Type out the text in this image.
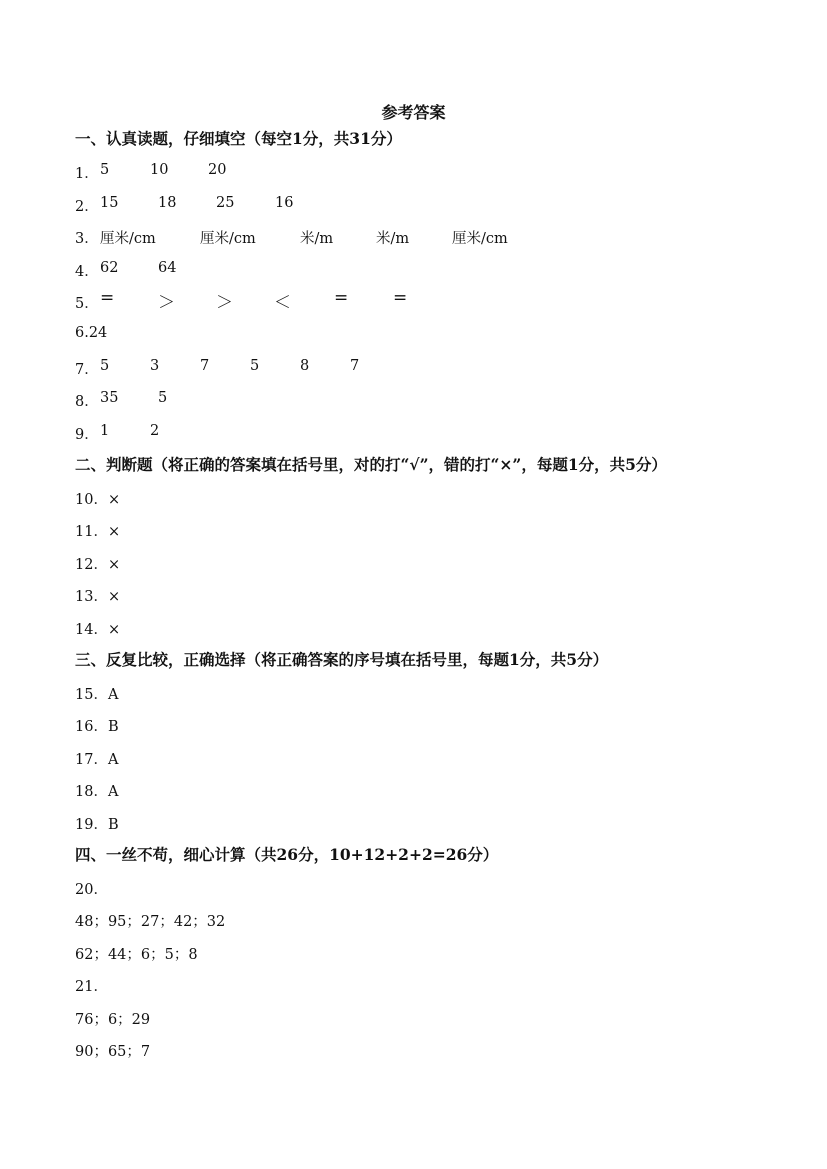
参考答案
一、认真读题，仔细填空（每空1分，共31分）
1． 5	10	20
2． 15	18	25	16
3． 厘米/cm	厘米/cm	米/m	米/m	厘米/cm
4． 62	64
5． =	＞ ＞ ＜	=	=
6.24
7． 5	3	7	5	8	7
8． 35	5
9． 1	2
二、判断题（将正确的答案填在括号里，对的打“√”，错的打“×”，每题1分，共5分）
10．×
11．×
12．×
13．×
14．×
三、反复比较，正确选择（将正确答案的序号填在括号里，每题1分，共5分）
15．A
16．B
17．A
18．A
19．B
四、一丝不苟，细心计算（共26分，10+12+2+2=26分）
20．
48；95；27；42；32
62；44；6；5；8
21．
76；6；29
90；65；7
